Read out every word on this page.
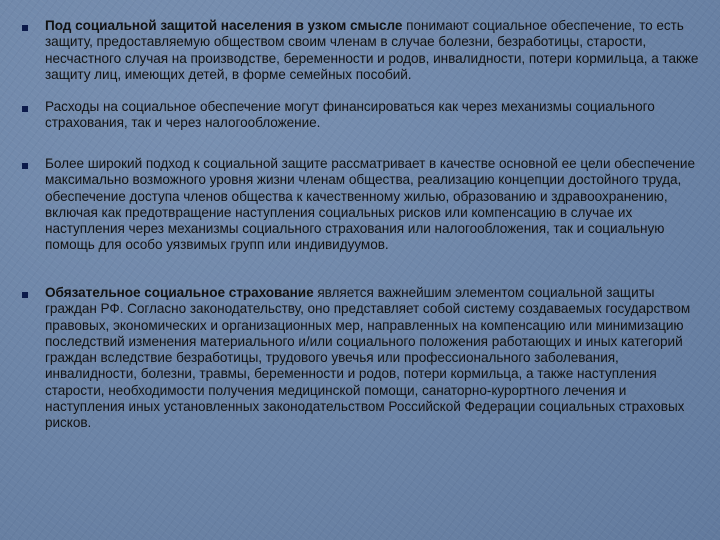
Под социальной защитой населения в узком смысле понимают социальное обеспечение, то есть защиту, предоставляемую обществом своим членам в случае болезни, безработицы, старости, несчастного случая на производстве, беременности и родов, инвалидности, потери кормильца, а также защиту лиц, имеющих детей, в форме семейных пособий.

Расходы на социальное обеспечение могут финансироваться как через механизмы социального страхования, так и через налогообложение.

Более широкий подход к социальной защите рассматривает в качестве основной ее цели обеспечение максимально возможного уровня жизни членам общества, реализацию концепции достойного труда, обеспечение доступа членов общества к качественному жилью, образованию и здравоохранению, включая как предотвращение наступления социальных рисков или компенсацию в случае их наступления через механизмы социального страхования или налогообложения, так и социальную помощь для особо уязвимых групп или индивидуумов.

Обязательное социальное страхование является важнейшим элементом социальной защиты граждан РФ. Согласно законодательству, оно представляет собой систему создаваемых государством правовых, экономических и организационных мер, направленных на компенсацию или минимизацию последствий изменения материального и/или социального положения работающих и иных категорий граждан вследствие безработицы, трудового увечья или профессионального заболевания, инвалидности, болезни, травмы, беременности и родов, потери кормильца, а также наступления старости, необходимости получения медицинской помощи, санаторно-курортного лечения и наступления иных установленных законодательством Российской Федерации социальных страховых рисков.
